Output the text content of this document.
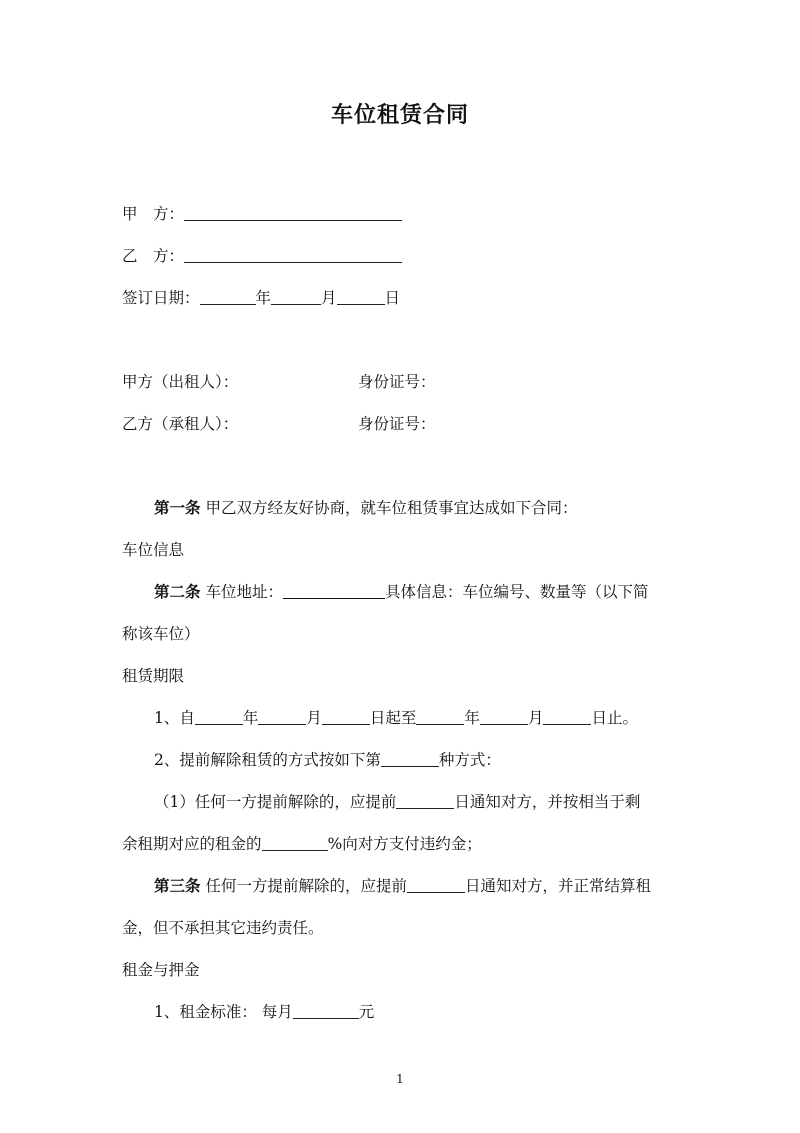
车位租赁合同
甲　方：
乙　方：
签订日期：	年	月	日
甲方（出租人）：	身份证号：
乙方（承租人）：	身份证号：
第一条 甲乙双方经友好协商，就车位租赁事宜达成如下合同：
车位信息
第二条 车位地址：	具体信息：车位编号、数量等（以下简
称该车位）
租赁期限
1、自	年	月	日起至	年	月	日止。
2、提前解除租赁的方式按如下第	种方式：
（1）任何一方提前解除的，应提前	日通知对方，并按相当于剩
余租期对应的租金的	%向对方支付违约金；
第三条 任何一方提前解除的，应提前	日通知对方，并正常结算租
金，但不承担其它违约责任。
租金与押金
1、租金标准： 每月	元
1
